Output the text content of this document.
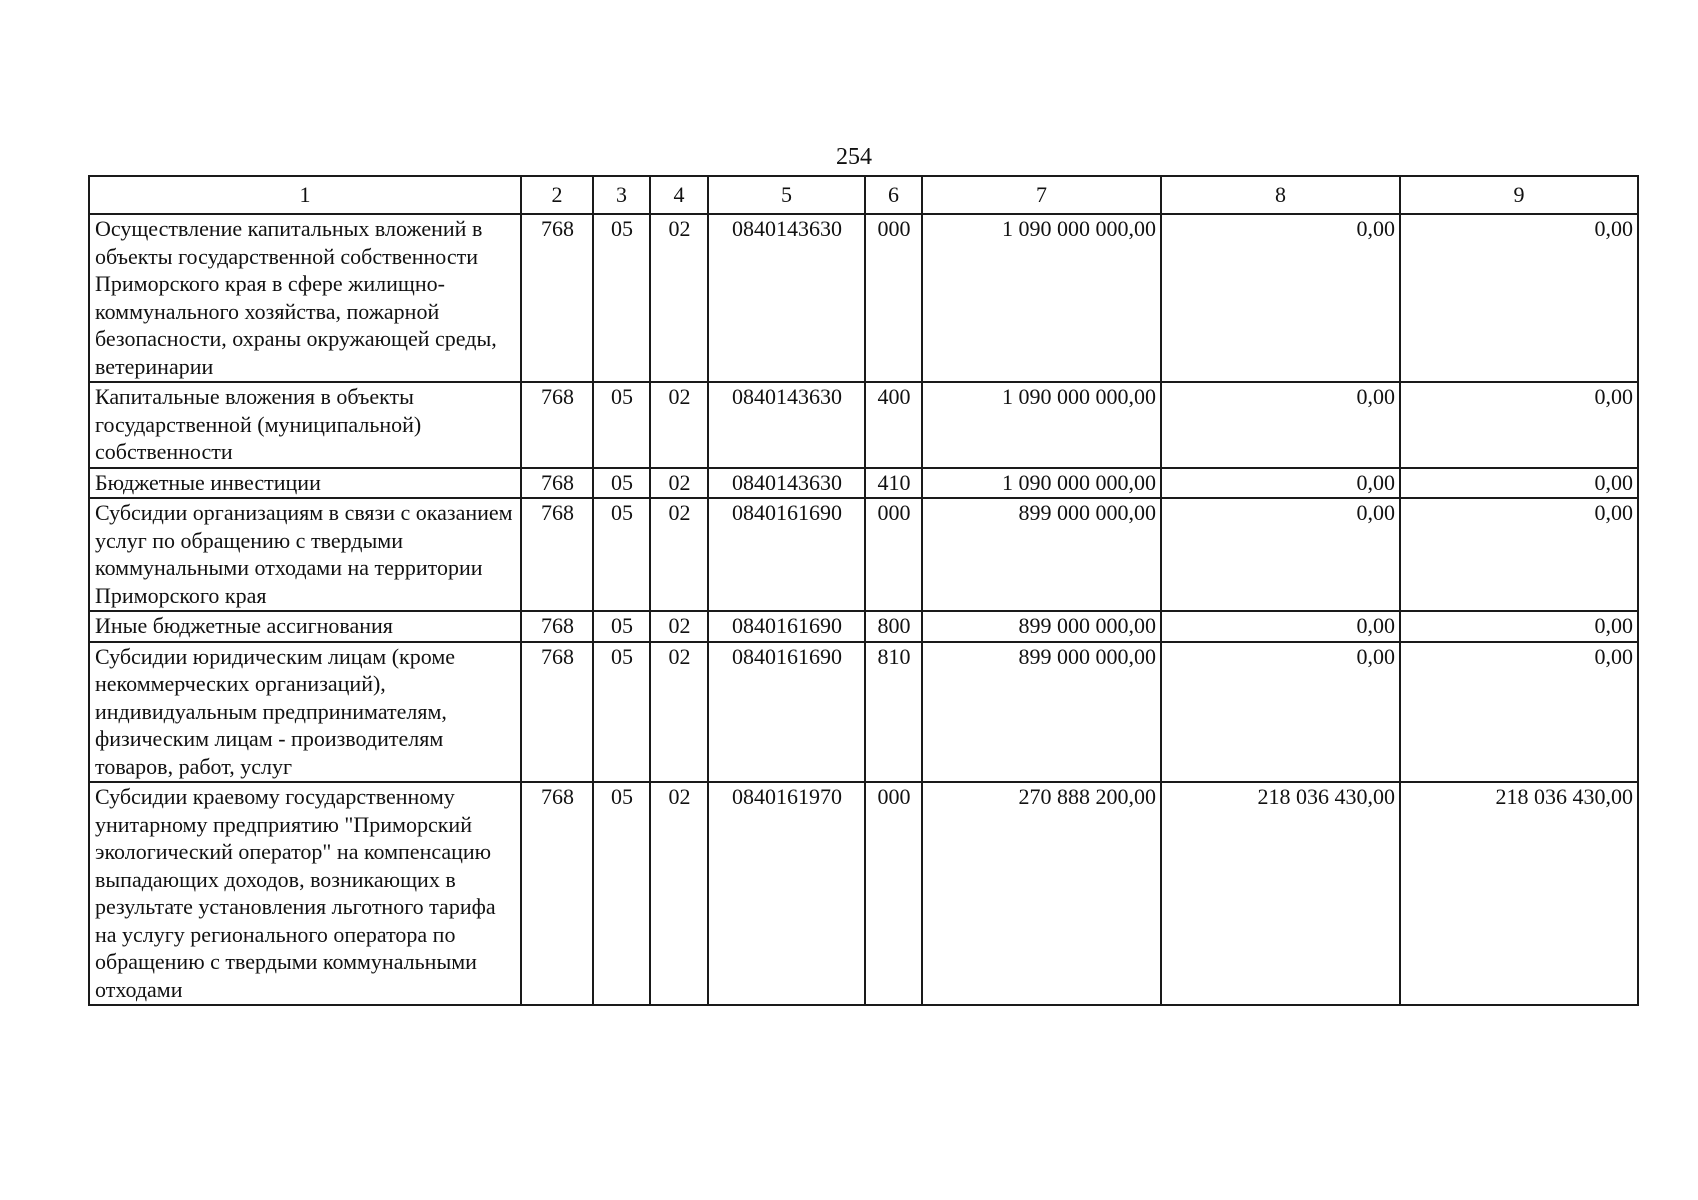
254
1	2	3	4	5	6	7	8	9
Осуществление капитальных вложений в объекты государственной собственности Приморского края в сфере жилищно-коммунального хозяйства, пожарной безопасности, охраны окружающей среды, ветеринарии	768	05	02	0840143630	000	1 090 000 000,00	0,00	0,00
Капитальные вложения в объекты государственной (муниципальной) собственности	768	05	02	0840143630	400	1 090 000 000,00	0,00	0,00
Бюджетные инвестиции	768	05	02	0840143630	410	1 090 000 000,00	0,00	0,00
Субсидии организациям в связи с оказанием услуг по обращению с твердыми коммунальными отходами на территории Приморского края	768	05	02	0840161690	000	899 000 000,00	0,00	0,00
Иные бюджетные ассигнования	768	05	02	0840161690	800	899 000 000,00	0,00	0,00
Субсидии юридическим лицам (кроме некоммерческих организаций), индивидуальным предпринимателям, физическим лицам - производителям товаров, работ, услуг	768	05	02	0840161690	810	899 000 000,00	0,00	0,00
Субсидии краевому государственному унитарному предприятию "Приморский экологический оператор" на компенсацию выпадающих доходов, возникающих в результате установления льготного тарифа на услугу регионального оператора по обращению с твердыми коммунальными отходами	768	05	02	0840161970	000	270 888 200,00	218 036 430,00	218 036 430,00
